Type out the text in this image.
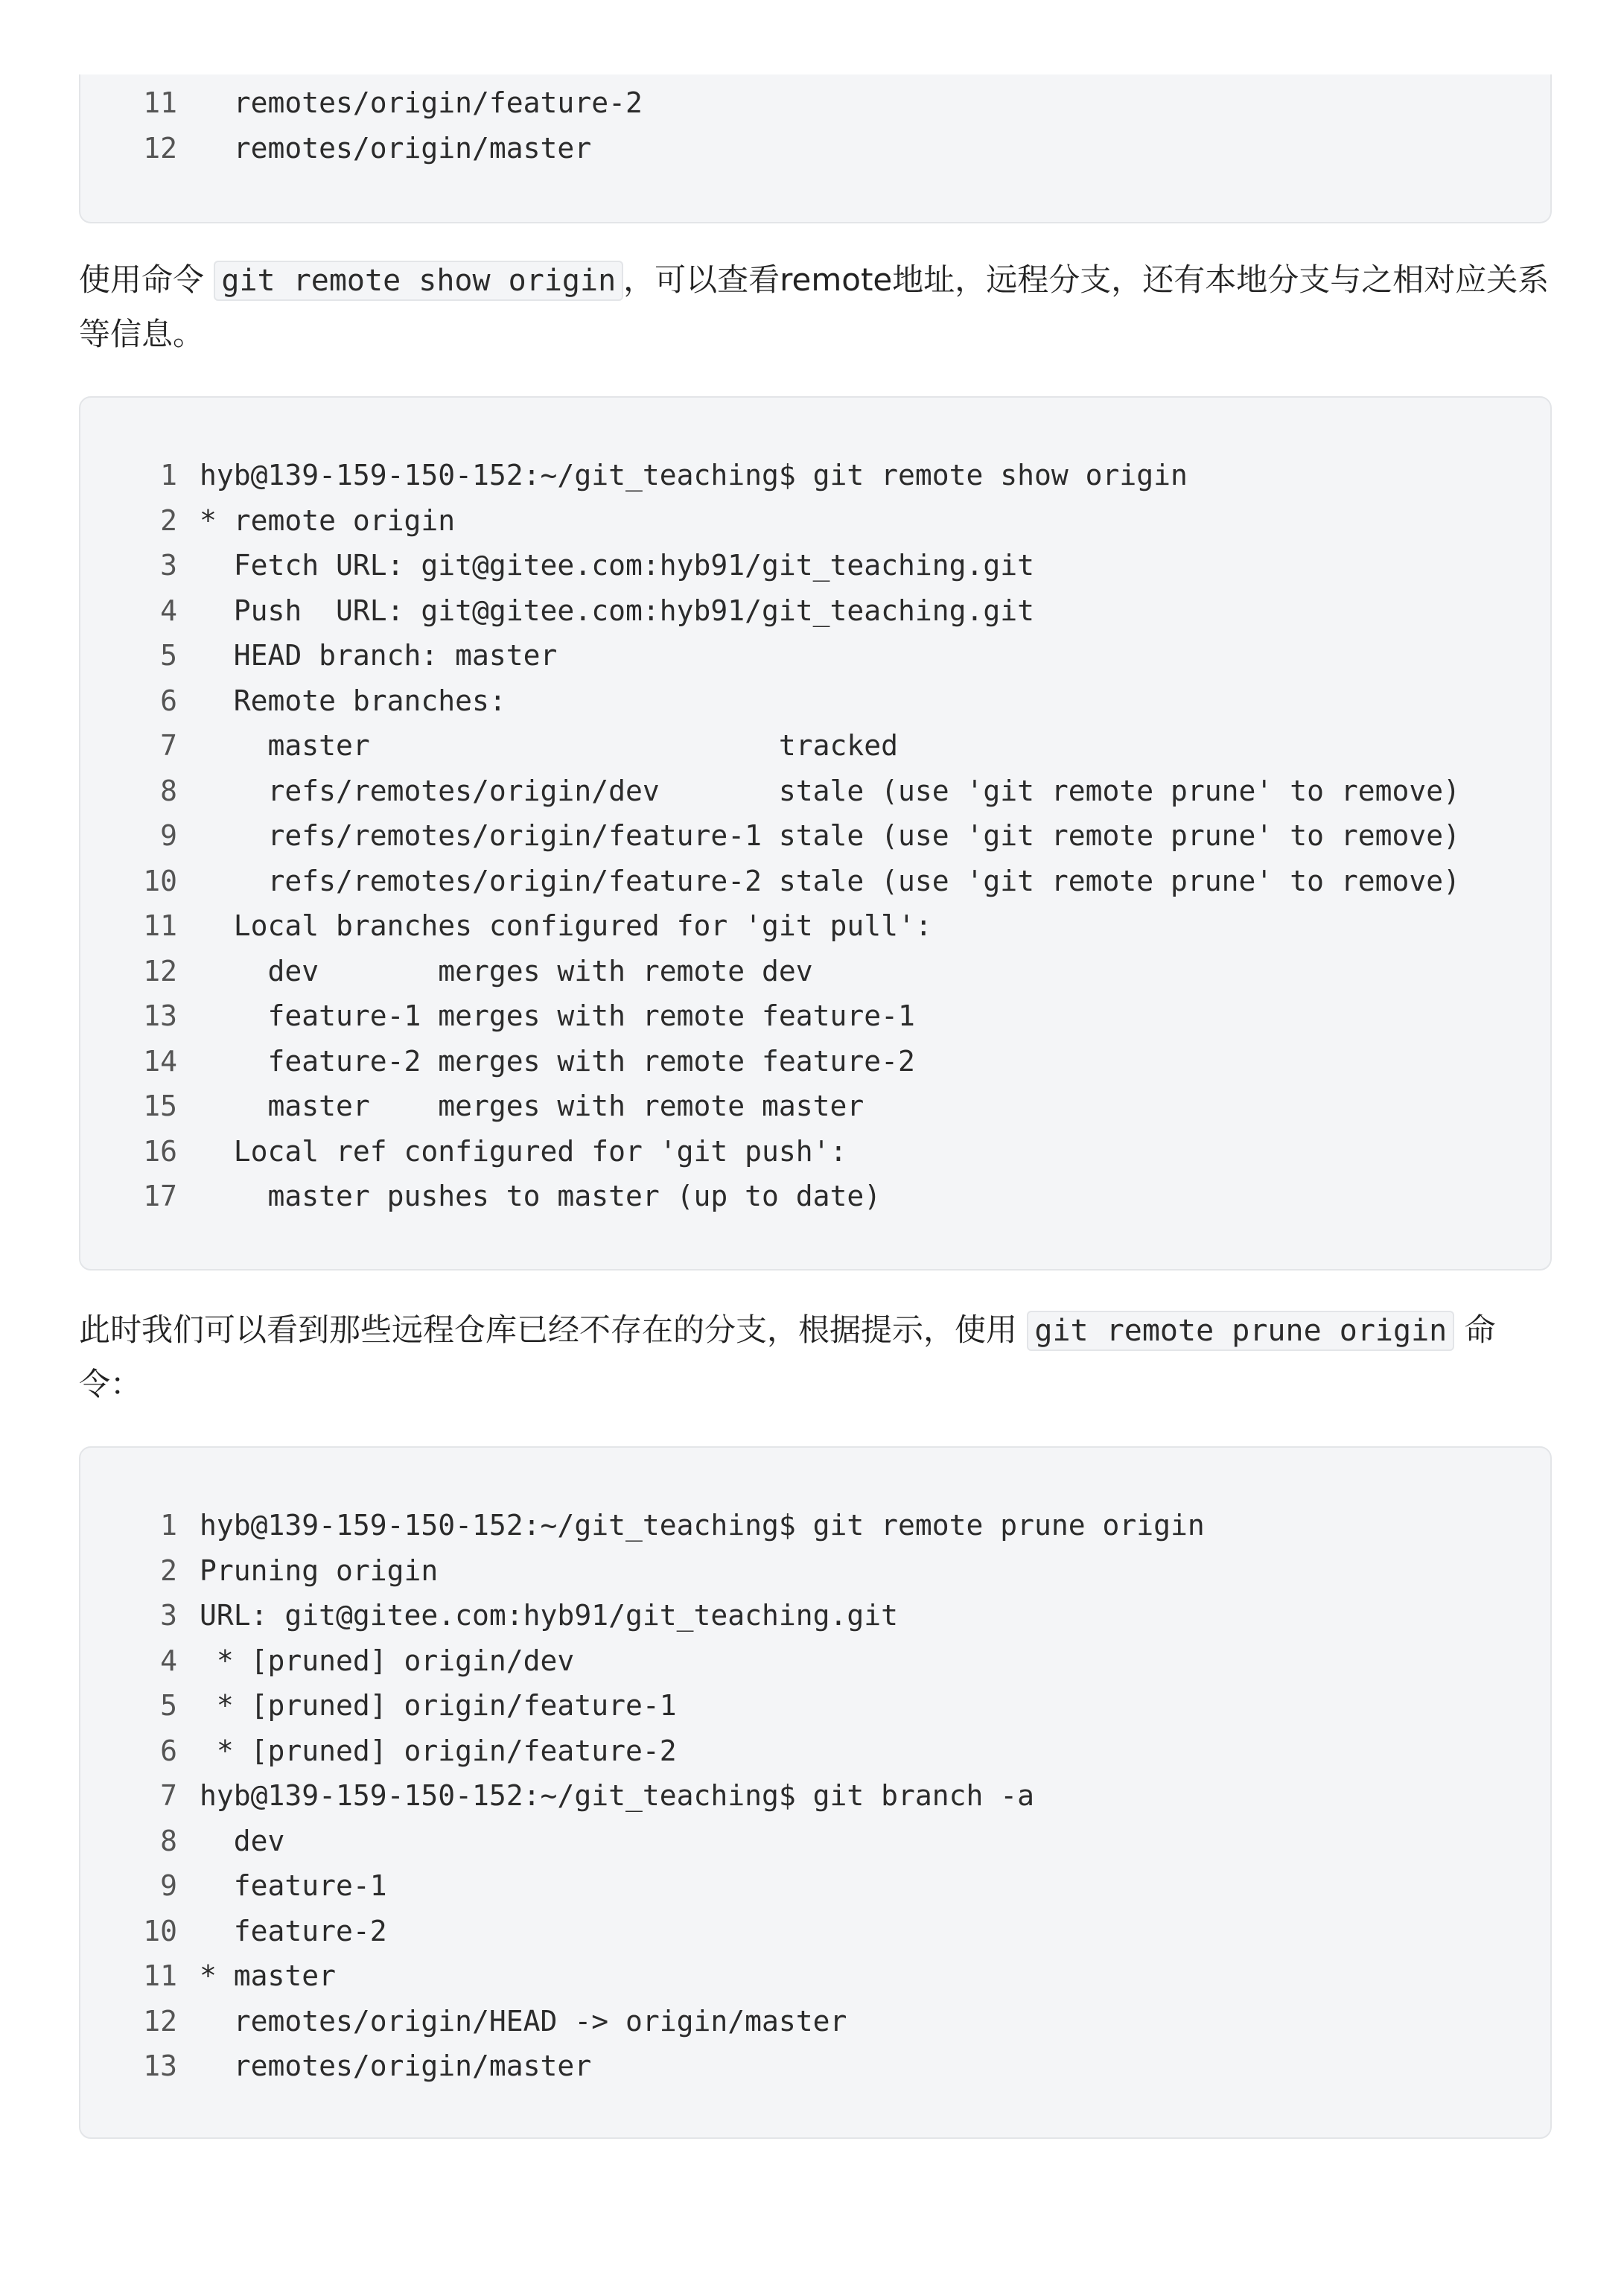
11  remotes/origin/feature-2
12  remotes/origin/master
使用命令 git remote show origin ，可以查看remote地址，远程分支，还有本地分支与之相对应关系等信息。
1 hyb@139-159-150-152:~/git_teaching$ git remote show origin
2 * remote origin
3  Fetch URL: git@gitee.com:hyb91/git_teaching.git
4  Push  URL: git@gitee.com:hyb91/git_teaching.git
5  HEAD branch: master
6  Remote branches:
7    master                        tracked
8    refs/remotes/origin/dev       stale (use 'git remote prune' to remove)
9    refs/remotes/origin/feature-1 stale (use 'git remote prune' to remove)
10    refs/remotes/origin/feature-2 stale (use 'git remote prune' to remove)
11  Local branches configured for 'git pull':
12    dev       merges with remote dev
13    feature-1 merges with remote feature-1
14    feature-2 merges with remote feature-2
15    master    merges with remote master
16  Local ref configured for 'git push':
17    master pushes to master (up to date)
此时我们可以看到那些远程仓库已经不存在的分支，根据提示，使用 git remote prune origin 命令：
1 hyb@139-159-150-152:~/git_teaching$ git remote prune origin
2 Pruning origin
3 URL: git@gitee.com:hyb91/git_teaching.git
4 * [pruned] origin/dev
5 * [pruned] origin/feature-1
6 * [pruned] origin/feature-2
7 hyb@139-159-150-152:~/git_teaching$ git branch -a
8  dev
9  feature-1
10  feature-2
11 * master
12  remotes/origin/HEAD -> origin/master
13  remotes/origin/master
